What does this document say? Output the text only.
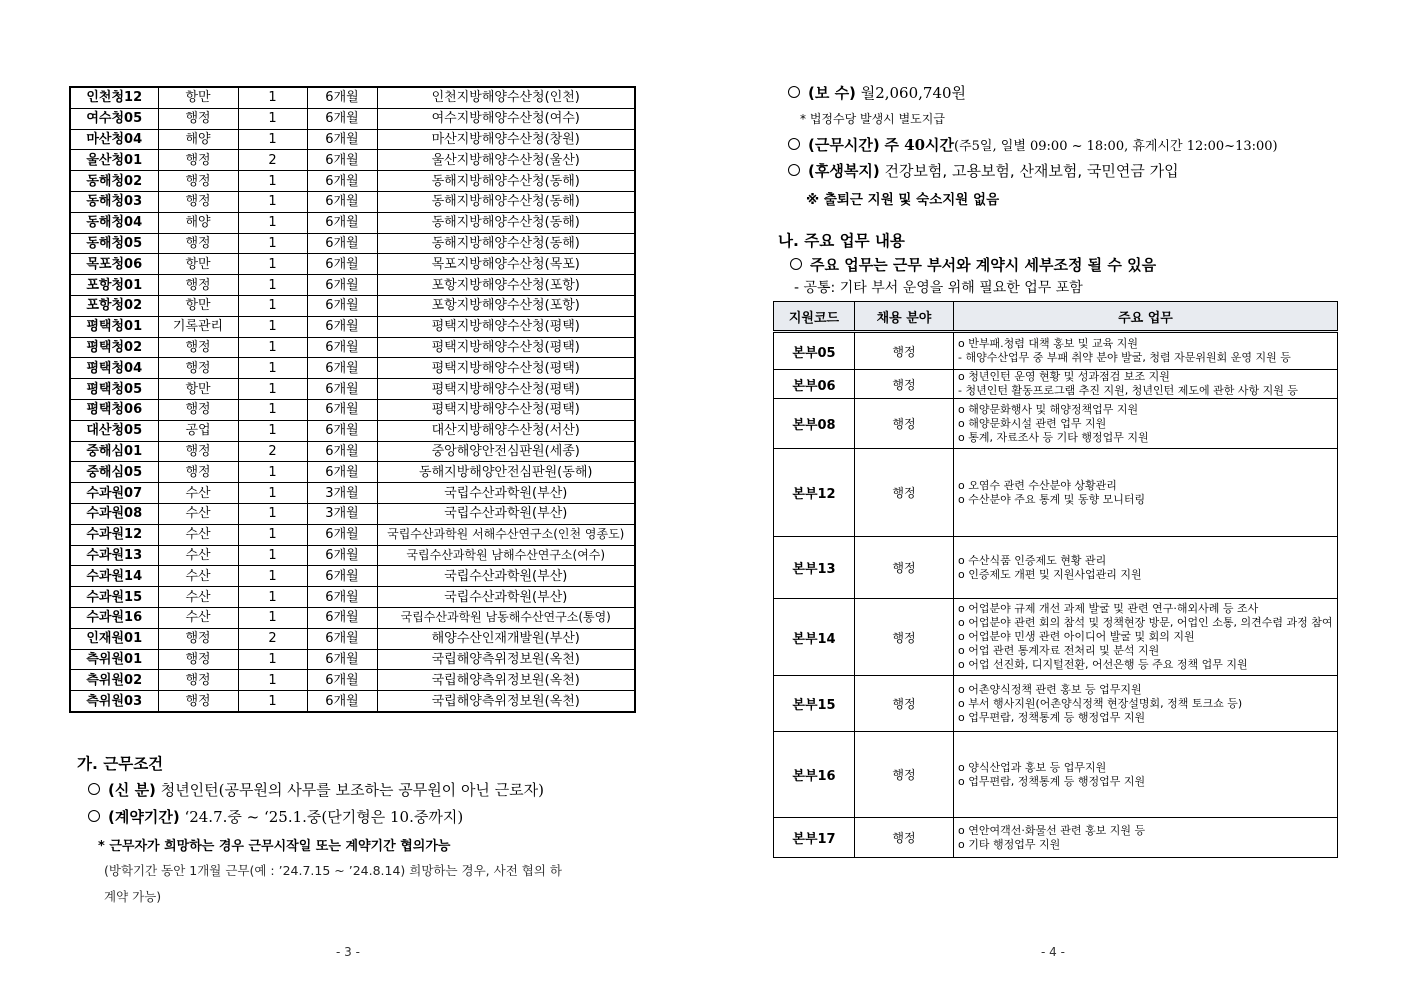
인천청12	항만	1	6개월	인천지방해양수산청(인천)
여수청05	행정	1	6개월	여수지방해양수산청(여수)
마산청04	해양	1	6개월	마산지방해양수산청(창원)
울산청01	행정	2	6개월	울산지방해양수산청(울산)
동해청02	행정	1	6개월	동해지방해양수산청(동해)
동해청03	행정	1	6개월	동해지방해양수산청(동해)
동해청04	해양	1	6개월	동해지방해양수산청(동해)
동해청05	행정	1	6개월	동해지방해양수산청(동해)
목포청06	항만	1	6개월	목포지방해양수산청(목포)
포항청01	행정	1	6개월	포항지방해양수산청(포항)
포항청02	항만	1	6개월	포항지방해양수산청(포항)
평택청01	기록관리	1	6개월	평택지방해양수산청(평택)
평택청02	행정	1	6개월	평택지방해양수산청(평택)
평택청04	행정	1	6개월	평택지방해양수산청(평택)
평택청05	항만	1	6개월	평택지방해양수산청(평택)
평택청06	행정	1	6개월	평택지방해양수산청(평택)
대산청05	공업	1	6개월	대산지방해양수산청(서산)
중해심01	행정	2	6개월	중앙해양안전심판원(세종)
중해심05	행정	1	6개월	동해지방해양안전심판원(동해)
수과원07	수산	1	3개월	국립수산과학원(부산)
수과원08	수산	1	3개월	국립수산과학원(부산)
수과원12	수산	1	6개월	국립수산과학원 서해수산연구소(인천 영종도)
수과원13	수산	1	6개월	국립수산과학원 남해수산연구소(여수)
수과원14	수산	1	6개월	국립수산과학원(부산)
수과원15	수산	1	6개월	국립수산과학원(부산)
수과원16	수산	1	6개월	국립수산과학원 남동해수산연구소(통영)
인재원01	행정	2	6개월	해양수산인재개발원(부산)
측위원01	행정	1	6개월	국립해양측위정보원(옥천)
측위원02	행정	1	6개월	국립해양측위정보원(옥천)
측위원03	행정	1	6개월	국립해양측위정보원(옥천)
가. 근무조건
(신 분) 청년인턴(공무원의 사무를 보조하는 공무원이 아닌 근로자)
(계약기간) ‘24.7.중 ~ ‘25.1.중(단기형은 10.중까지)
* 근무자가 희망하는 경우 근무시작일 또는 계약기간 협의가능
(방학기간 동안 1개월 근무(예 : ’24.7.15 ~ ’24.8.14) 희망하는 경우, 사전 협의 하
계약 가능)
- 3 -
(보 수) 월2,060,740원
* 법정수당 발생시 별도지급
(근무시간) 주 40시간(주5일, 일별 09:00 ~ 18:00, 휴게시간 12:00~13:00)
(후생복지) 건강보험, 고용보험, 산재보험, 국민연금 가입
※ 출퇴근 지원 및 숙소지원 없음
나. 주요 업무 내용
주요 업무는 근무 부서와 계약시 세부조정 될 수 있음
- 공통: 기타 부서 운영을 위해 필요한 업무 포함
지원코드	채용 분야	주요 업무
본부05	행정	o 반부패.청렴 대책 홍보 및 교육 지원
- 해양수산업무 중 부패 취약 분야 발굴, 청렴 자문위원회 운영 지원 등

본부06	행정	o 청년인턴 운영 현황 및 성과점검 보조 지원
- 청년인턴 활동프로그램 추진 지원, 청년인턴 제도에 관한 사항 지원 등

본부08	행정	o 해양문화행사 및 해양정책업무 지원
o 해양문화시설 관련 업무 지원
o 통계, 자료조사 등 기타 행정업무 지원

본부12	행정	o 오염수 관련 수산분야 상황관리
o 수산분야 주요 통계 및 동향 모니터링

본부13	행정	o 수산식품 인증제도 현황 관리
o 인증제도 개편 및 지원사업관리 지원

본부14	행정	o 어업분야 규제 개선 과제 발굴 및 관련 연구·해외사례 등 조사
o 어업분야 관련 회의 참석 및 정책현장 방문, 어업인 소통, 의견수렴 과정 참여
o 어업분야 민생 관련 아이디어 발굴 및 회의 지원
o 어업 관련 통계자료 전처리 및 분석 지원
o 어업 선진화, 디지털전환, 어선은행 등 주요 정책 업무 지원

본부15	행정	o 어촌양식정책 관련 홍보 등 업무지원
o 부서 행사지원(어촌양식정책 현장설명회, 정책 토크쇼 등)
o 업무편람, 정책통계 등 행정업무 지원

본부16	행정	o 양식산업과 홍보 등 업무지원
o 업무편람, 정책통계 등 행정업무 지원

본부17	행정	o 연안여객선·화물선 관련 홍보 지원 등
o 기타 행정업무 지원
- 4 -
